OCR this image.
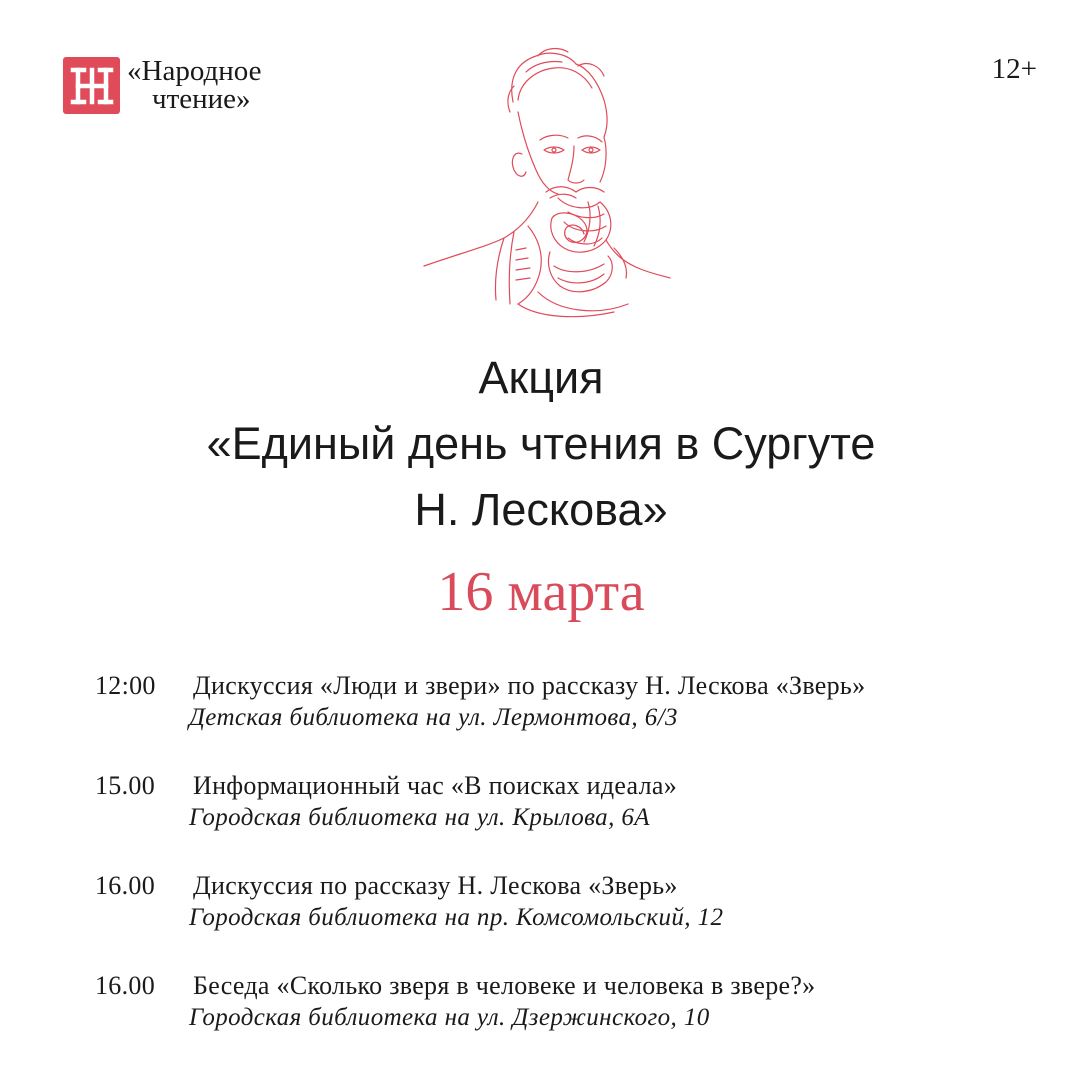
«Народное
чтение»
12+
Акция
«Единый день чтения в Сургуте
Н. Лескова»
16 марта
12:00 Дискуссия «Люди и звери» по рассказу Н. Лескова «Зверь»
Детская библиотека на ул. Лермонтова, 6/3
15.00 Информационный час «В поисках идеала»
Городская библиотека на ул. Крылова, 6А
16.00 Дискуссия по рассказу Н. Лескова «Зверь»
Городская библиотека на пр. Комсомольский, 12
16.00 Беседа «Сколько зверя в человеке и человека в звере?»
Городская библиотека на ул. Дзержинского, 10
